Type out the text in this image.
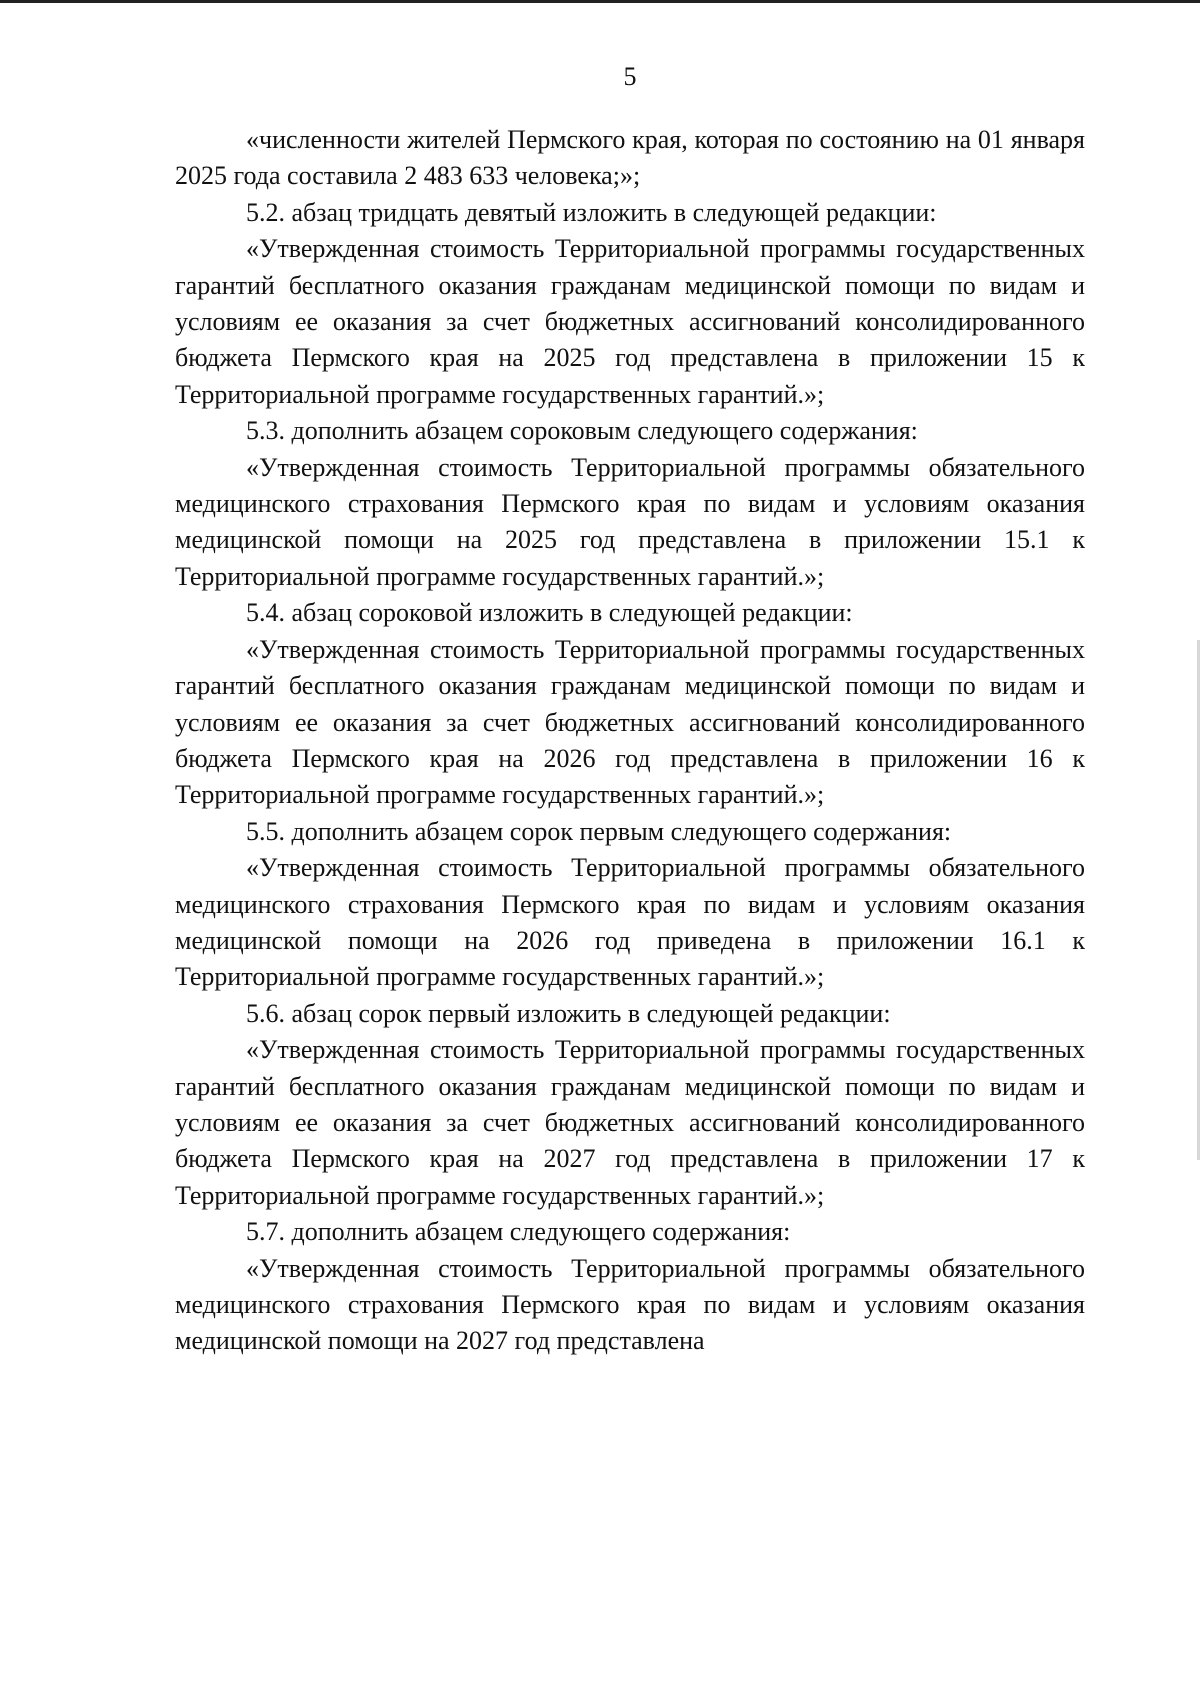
5

«численности жителей Пермского края, которая по состоянию на 01 января 2025 года составила 2 483 633 человека;»;

5.2. абзац тридцать девятый изложить в следующей редакции:

«Утвержденная стоимость Территориальной программы государственных гарантий бесплатного оказания гражданам медицинской помощи по видам и условиям ее оказания за счет бюджетных ассигнований консолидированного бюджета Пермского края на 2025 год представлена в приложении 15 к Территориальной программе государственных гарантий.»;

5.3. дополнить абзацем сороковым следующего содержания:

«Утвержденная стоимость Территориальной программы обязательного медицинского страхования Пермского края по видам и условиям оказания медицинской помощи на 2025 год представлена в приложении 15.1 к Территориальной программе государственных гарантий.»;

5.4. абзац сороковой изложить в следующей редакции:

«Утвержденная стоимость Территориальной программы государственных гарантий бесплатного оказания гражданам медицинской помощи по видам и условиям ее оказания за счет бюджетных ассигнований консолидированного бюджета Пермского края на 2026 год представлена в приложении 16 к Территориальной программе государственных гарантий.»;

5.5. дополнить абзацем сорок первым следующего содержания:

«Утвержденная стоимость Территориальной программы обязательного медицинского страхования Пермского края по видам и условиям оказания медицинской помощи на 2026 год приведена в приложении 16.1 к Территориальной программе государственных гарантий.»;

5.6. абзац сорок первый изложить в следующей редакции:

«Утвержденная стоимость Территориальной программы государственных гарантий бесплатного оказания гражданам медицинской помощи по видам и условиям ее оказания за счет бюджетных ассигнований консолидированного бюджета Пермского края на 2027 год представлена в приложении 17 к Территориальной программе государственных гарантий.»;

5.7. дополнить абзацем следующего содержания:

«Утвержденная стоимость Территориальной программы обязательного медицинского страхования Пермского края по видам и условиям оказания медицинской помощи на 2027 год представлена
